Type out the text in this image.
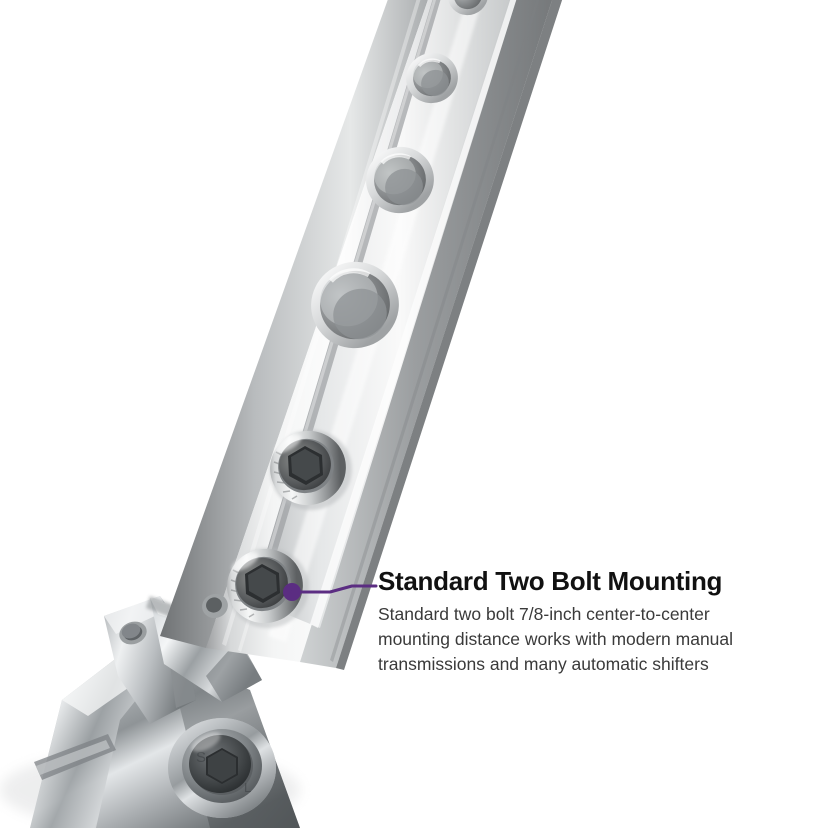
S
L
Standard Two Bolt Mounting

Standard two bolt 7/8-inch center-to-center
mounting distance works with modern manual
transmissions and many automatic shifters
